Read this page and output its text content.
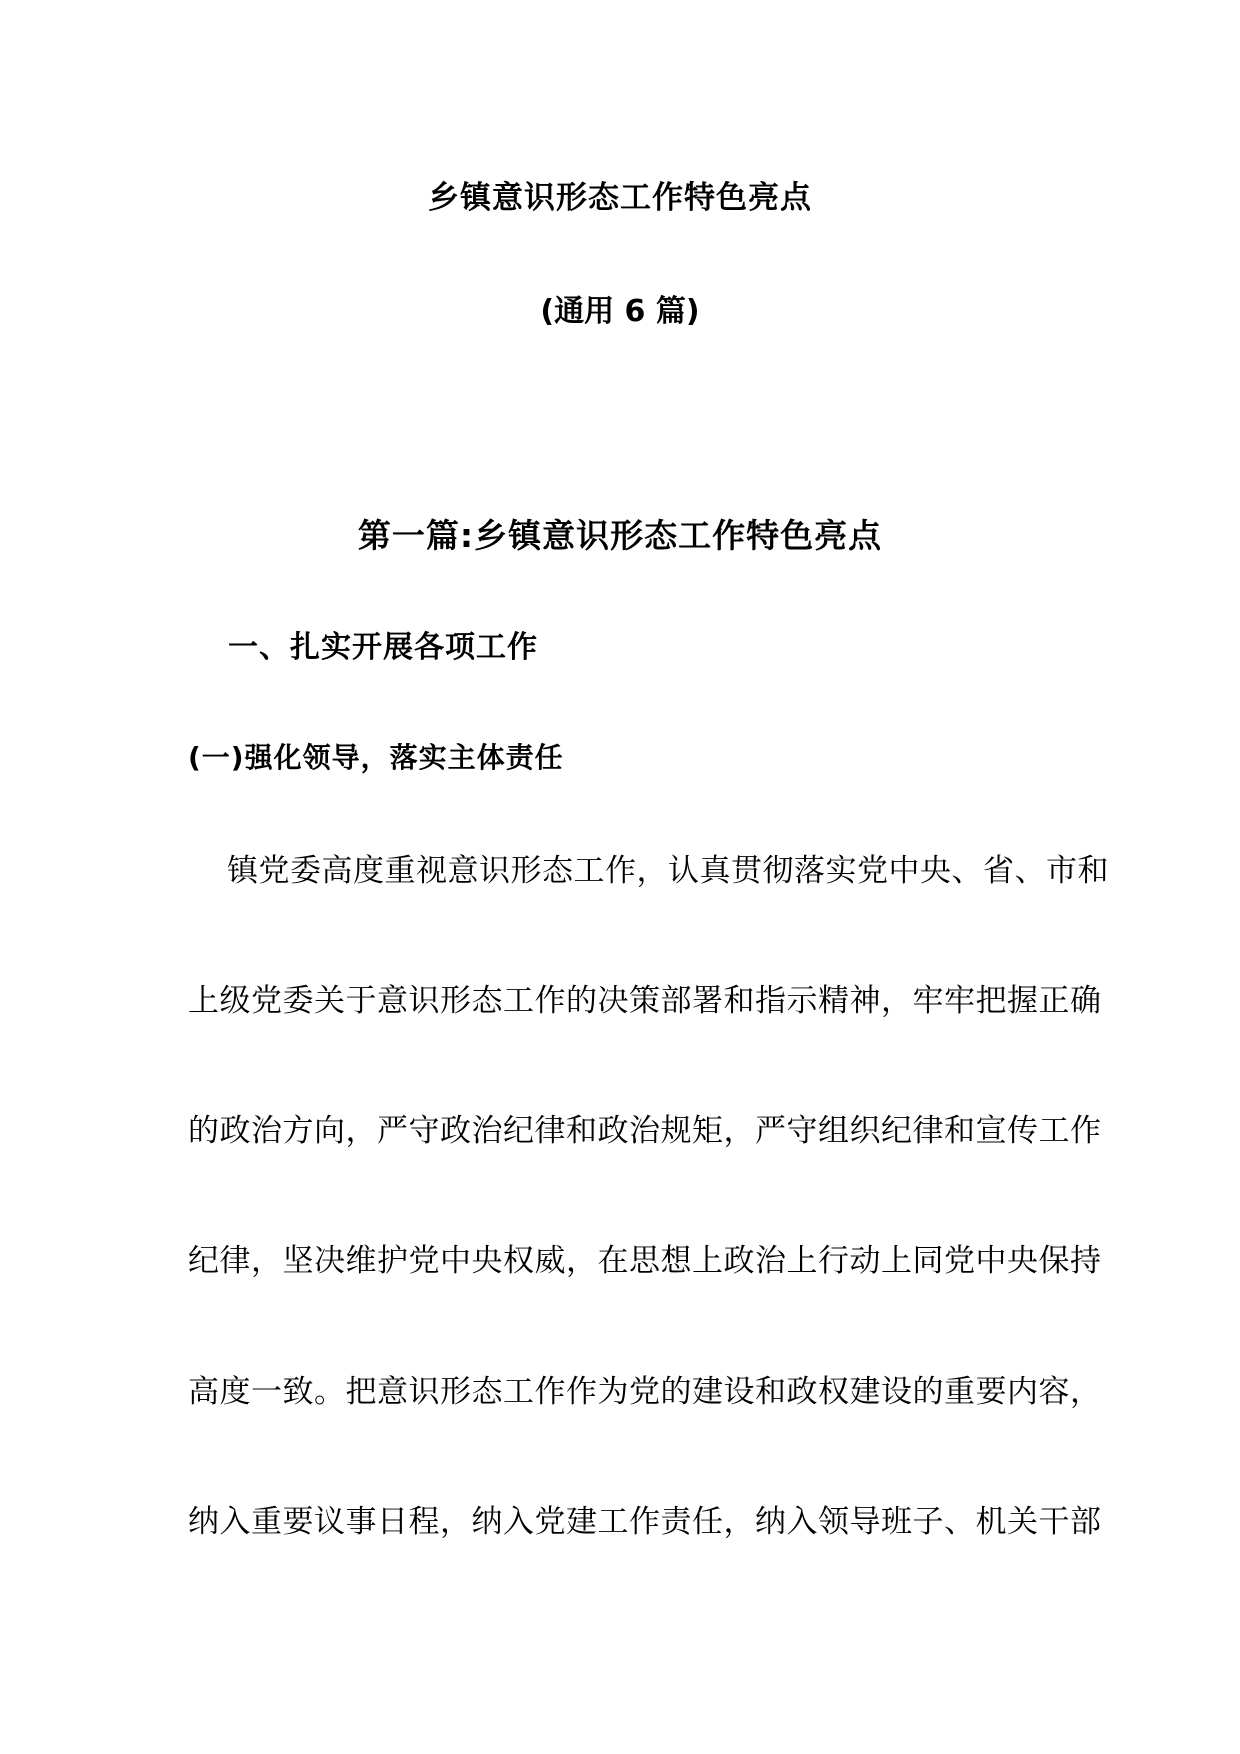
乡镇意识形态工作特色亮点
(通用 6 篇)
第一篇:乡镇意识形态工作特色亮点
一、扎实开展各项工作
(一)强化领导，落实主体责任

镇党委高度重视意识形态工作，认真贯彻落实党中央、省、市和

上级党委关于意识形态工作的决策部署和指示精神，牢牢把握正确

的政治方向，严守政治纪律和政治规矩，严守组织纪律和宣传工作

纪律，坚决维护党中央权威，在思想上政治上行动上同党中央保持

高度一致。把意识形态工作作为党的建设和政权建设的重要内容，

纳入重要议事日程，纳入党建工作责任，纳入领导班子、机关干部
